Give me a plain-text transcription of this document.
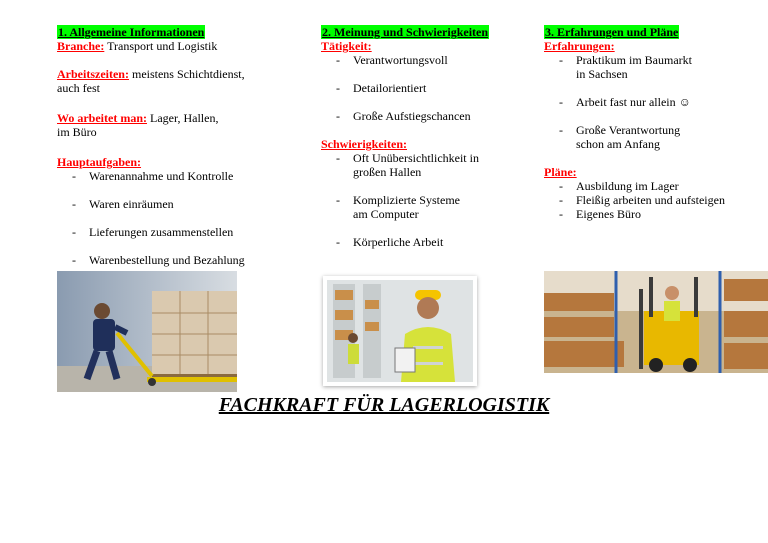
1. Allgemeine Informationen
Branche: Transport und Logistik
Arbeitszeiten: meistens Schichtdienst,
auch fest
Wo arbeitet man: Lager, Hallen,
im Büro
Hauptaufgaben:
- Warenannahme und Kontrolle
- Waren einräumen
- Lieferungen zusammenstellen
- Warenbestellung und Bezahlung
2. Meinung und Schwierigkeiten
Tätigkeit:
- Verantwortungsvoll
- Detailorientiert
- Große Aufstiegschancen
Schwierigkeiten:
- Oft Unübersichtlichkeit in
großen Hallen
- Komplizierte Systeme
am Computer
- Körperliche Arbeit
3. Erfahrungen und Pläne
Erfahrungen:
- Praktikum im Baumarkt
in Sachsen
- Arbeit fast nur allein ☺
- Große Verantwortung
schon am Anfang
Pläne:
- Ausbildung im Lager
- Fleißig arbeiten und aufsteigen
- Eigenes Büro
FACHKRAFT FÜR LAGERLOGISTIK
